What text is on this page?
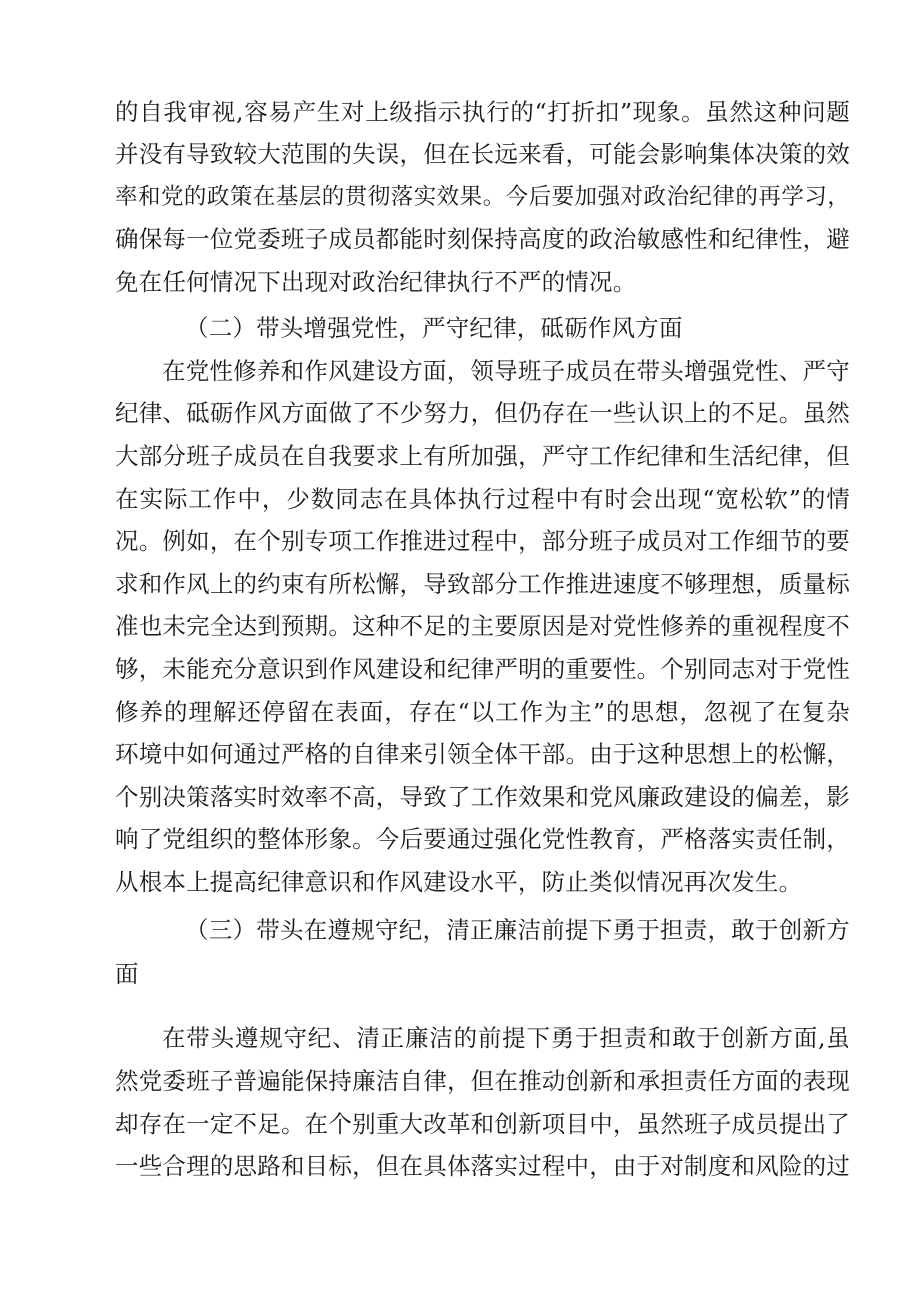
的自我审视,容易产生对上级指示执行的“打折扣”现象。虽然这种问题
并没有导致较大范围的失误，但在长远来看，可能会影响集体决策的效
率和党的政策在基层的贯彻落实效果。今后要加强对政治纪律的再学习，
确保每一位党委班子成员都能时刻保持高度的政治敏感性和纪律性，避
免在任何情况下出现对政治纪律执行不严的情况。
（二）带头增强党性，严守纪律，砥砺作风方面
在党性修养和作风建设方面，领导班子成员在带头增强党性、严守
纪律、砥砺作风方面做了不少努力，但仍存在一些认识上的不足。虽然
大部分班子成员在自我要求上有所加强，严守工作纪律和生活纪律，但
在实际工作中，少数同志在具体执行过程中有时会出现“宽松软”的情
况。例如，在个别专项工作推进过程中，部分班子成员对工作细节的要
求和作风上的约束有所松懈，导致部分工作推进速度不够理想，质量标
准也未完全达到预期。这种不足的主要原因是对党性修养的重视程度不
够，未能充分意识到作风建设和纪律严明的重要性。个别同志对于党性
修养的理解还停留在表面，存在“以工作为主”的思想，忽视了在复杂
环境中如何通过严格的自律来引领全体干部。由于这种思想上的松懈，
个别决策落实时效率不高，导致了工作效果和党风廉政建设的偏差，影
响了党组织的整体形象。今后要通过强化党性教育，严格落实责任制，
从根本上提高纪律意识和作风建设水平，防止类似情况再次发生。
（三）带头在遵规守纪，清正廉洁前提下勇于担责，敢于创新方
面
在带头遵规守纪、清正廉洁的前提下勇于担责和敢于创新方面,虽
然党委班子普遍能保持廉洁自律，但在推动创新和承担责任方面的表现
却存在一定不足。在个别重大改革和创新项目中，虽然班子成员提出了
一些合理的思路和目标，但在具体落实过程中，由于对制度和风险的过
